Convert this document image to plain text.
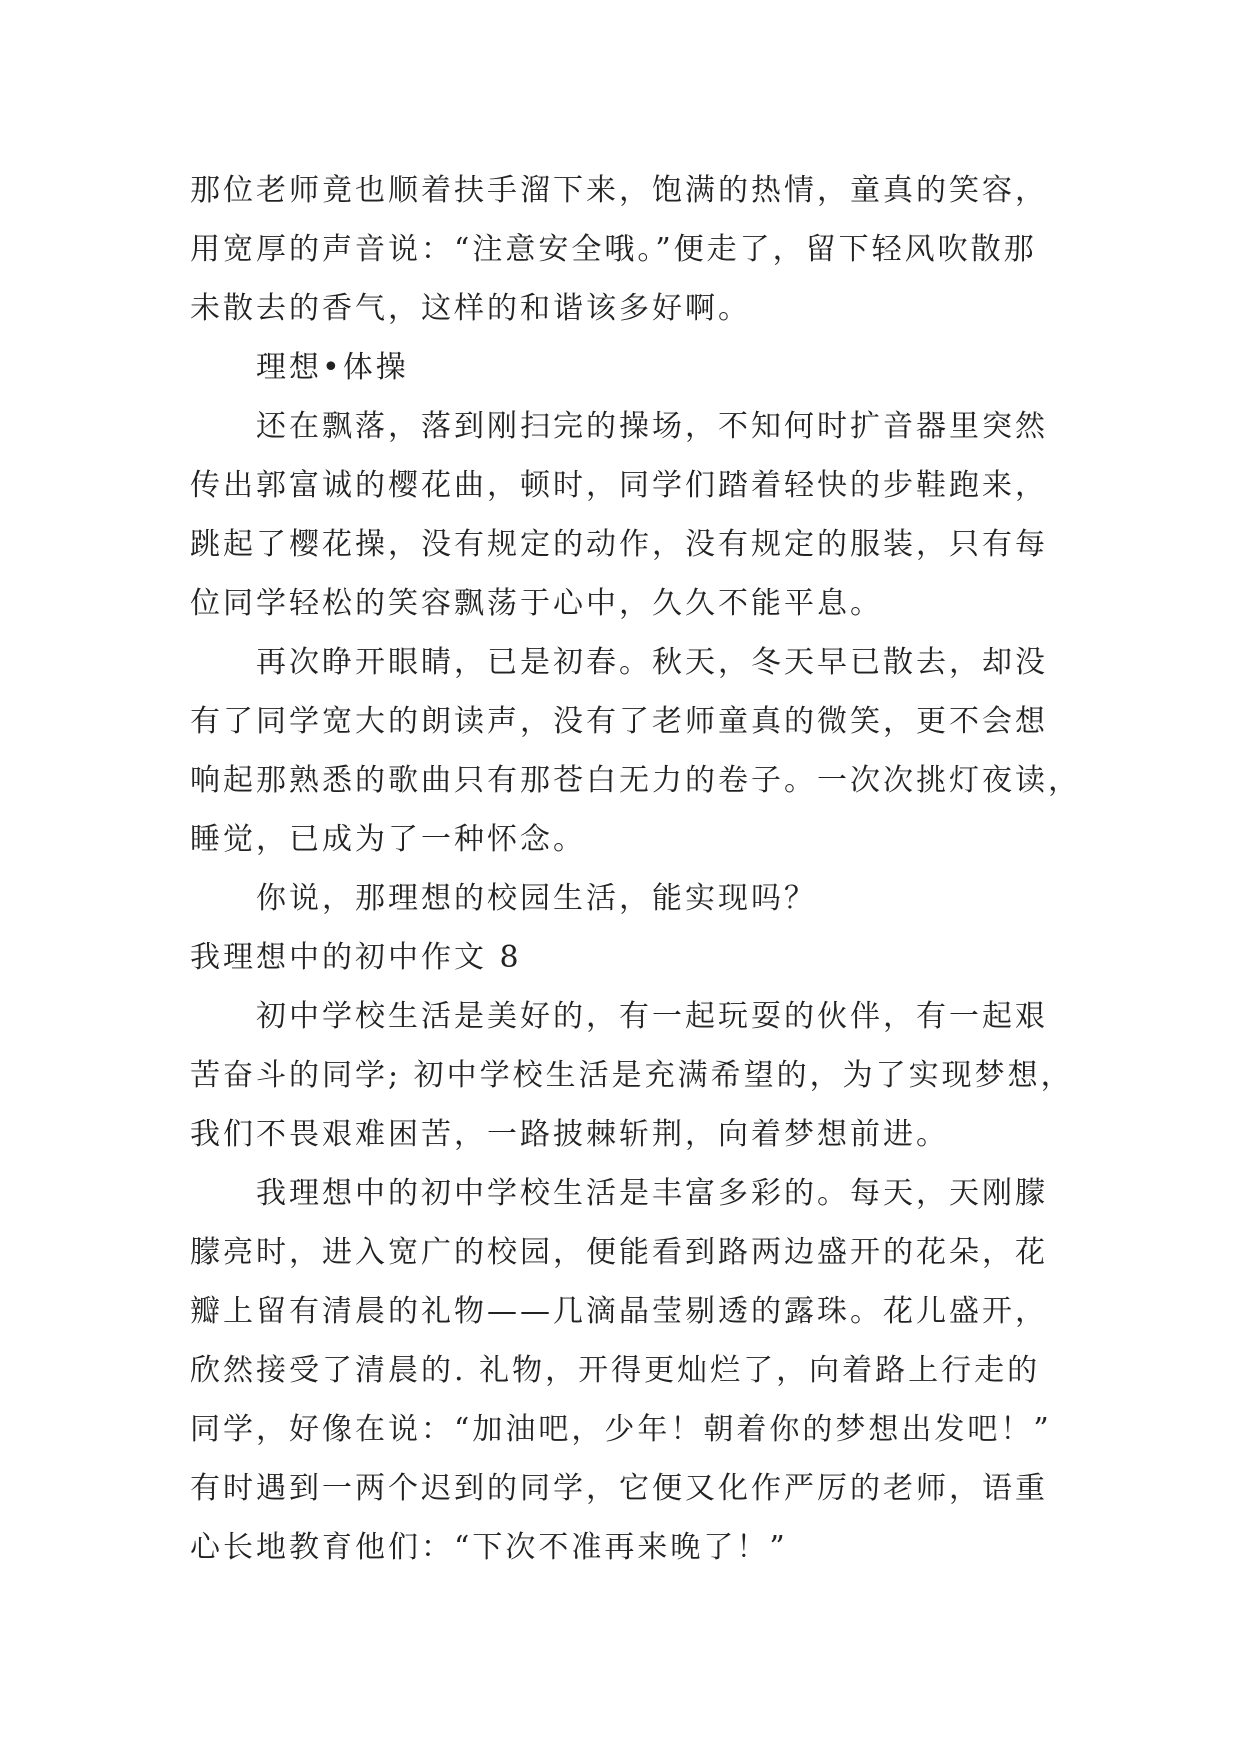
那位老师竟也顺着扶手溜下来，饱满的热情，童真的笑容，
用宽厚的声音说：“注意安全哦。”便走了，留下轻风吹散那
未散去的香气，这样的和谐该多好啊。
理想•体操
还在飘落，落到刚扫完的操场，不知何时扩音器里突然
传出郭富诚的樱花曲，顿时，同学们踏着轻快的步鞋跑来，
跳起了樱花操，没有规定的动作，没有规定的服装，只有每
位同学轻松的笑容飘荡于心中，久久不能平息。
再次睁开眼睛，已是初春。秋天，冬天早已散去，却没
有了同学宽大的朗读声，没有了老师童真的微笑，更不会想
响起那熟悉的歌曲只有那苍白无力的卷子。一次次挑灯夜读，
睡觉，已成为了一种怀念。
你说，那理想的校园生活，能实现吗？
我理想中的初中作文 8
初中学校生活是美好的，有一起玩耍的伙伴，有一起艰
苦奋斗的同学; 初中学校生活是充满希望的，为了实现梦想，
我们不畏艰难困苦，一路披棘斩荆，向着梦想前进。
我理想中的初中学校生活是丰富多彩的。每天，天刚朦
朦亮时，进入宽广的校园，便能看到路两边盛开的花朵，花
瓣上留有清晨的礼物——几滴晶莹剔透的露珠。花儿盛开，
欣然接受了清晨的. 礼物，开得更灿烂了，向着路上行走的
同学，好像在说：“加油吧，少年！朝着你的梦想出发吧！”
有时遇到一两个迟到的同学，它便又化作严厉的老师，语重
心长地教育他们：“下次不准再来晚了！”
